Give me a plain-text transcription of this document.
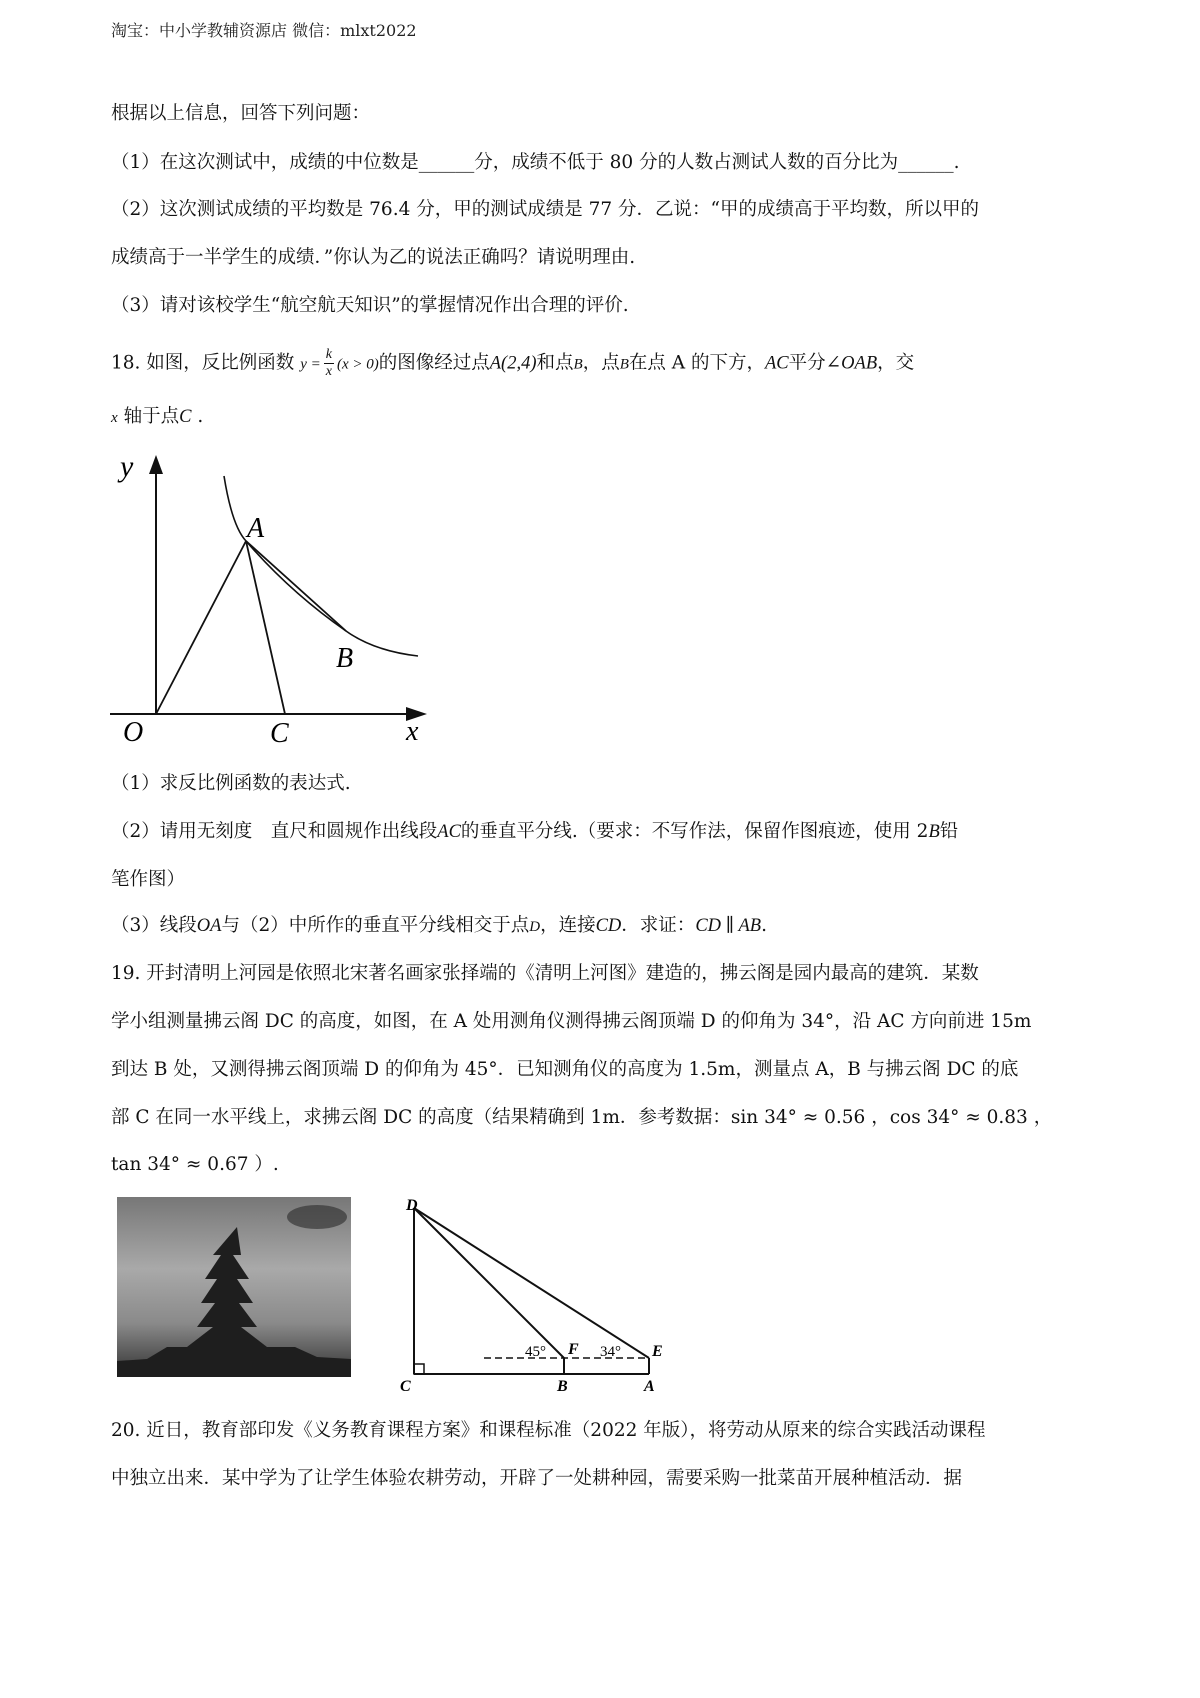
淘宝：中小学教辅资源店 微信：mlxt2022
根据以上信息，回答下列问题：
（1）在这次测试中，成绩的中位数是______分，成绩不低于 80 分的人数占测试人数的百分比为______.
（2）这次测试成绩的平均数是 76.4 分，甲的测试成绩是 77 分．乙说：“甲的成绩高于平均数，所以甲的
成绩高于一半学生的成绩．”你认为乙的说法正确吗？请说明理由.
（3）请对该校学生“航空航天知识”的掌握情况作出合理的评价.
18. 如图，反比例函数 $y = \frac{k}{x} (x > 0)$的图像经过点A(2,4)和点B，点B在点 A 的下方，AC平分∠OAB，交
x 轴于点C .
y
A
B
O	C	x
（1）求反比例函数的表达式.
（2）请用无刻度　直尺和圆规作出线段AC的垂直平分线.（要求：不写作法，保留作图痕迹，使用 2B铅
笔作图）
（3）线段OA与（2）中所作的垂直平分线相交于点D，连接CD．求证：CD ∥ AB.
19. 开封清明上河园是依照北宋著名画家张择端的《清明上河图》建造的，拂云阁是园内最高的建筑．某数
学小组测量拂云阁 DC 的高度，如图，在 A 处用测角仪测得拂云阁顶端 D 的仰角为 34°，沿 AC 方向前进 15m
到达 B 处，又测得拂云阁顶端 D 的仰角为 45°．已知测角仪的高度为 1.5m，测量点 A，B 与拂云阁 DC 的底
部 C 在同一水平线上，求拂云阁 DC 的高度（结果精确到 1m．参考数据：sin 34° ≈ 0.56 ，cos 34° ≈ 0.83 ，
tan 34° ≈ 0.67 ）.
D
C	B	A
E
F
45°	34°
20. 近日，教育部印发《义务教育课程方案》和课程标准（2022 年版），将劳动从原来的综合实践活动课程
中独立出来．某中学为了让学生体验农耕劳动，开辟了一处耕种园，需要采购一批菜苗开展种植活动．据
